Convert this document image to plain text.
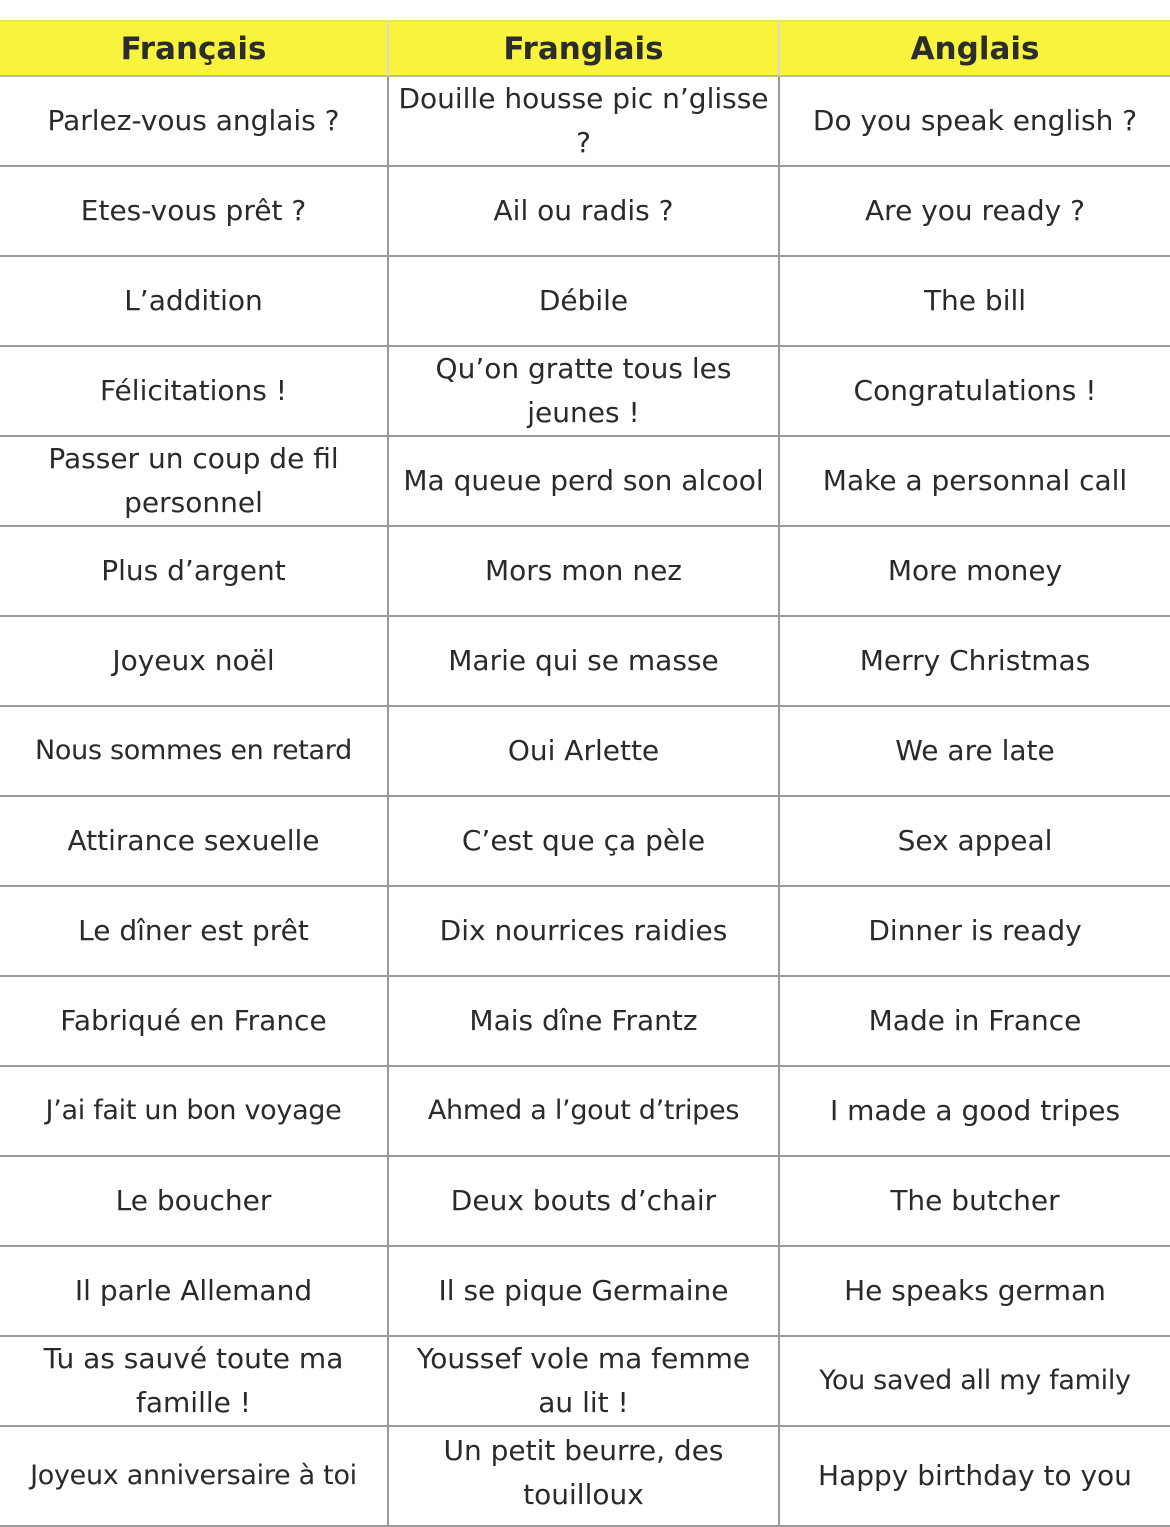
Français	Franglais	Anglais
Parlez-vous anglais ?	Douille housse pic n’glisse ?	Do you speak english ?
Etes-vous prêt ?	Ail ou radis ?	Are you ready ?
L’addition	Débile	The bill
Félicitations !	Qu’on gratte tous les jeunes !	Congratulations !
Passer un coup de fil personnel	Ma queue perd son alcool	Make a personnal call
Plus d’argent	Mors mon nez	More money
Joyeux noël	Marie qui se masse	Merry Christmas
Nous sommes en retard	Oui Arlette	We are late
Attirance sexuelle	C’est que ça pèle	Sex appeal
Le dîner est prêt	Dix nourrices raidies	Dinner is ready
Fabriqué en France	Mais dîne Frantz	Made in France
J’ai fait un bon voyage	Ahmed a l’gout d’tripes	I made a good tripes
Le boucher	Deux bouts d’chair	The butcher
Il parle Allemand	Il se pique Germaine	He speaks german
Tu as sauvé toute ma famille !	Youssef vole ma femme au lit !	You saved all my family
Joyeux anniversaire à toi	Un petit beurre, des touilloux	Happy birthday to you
